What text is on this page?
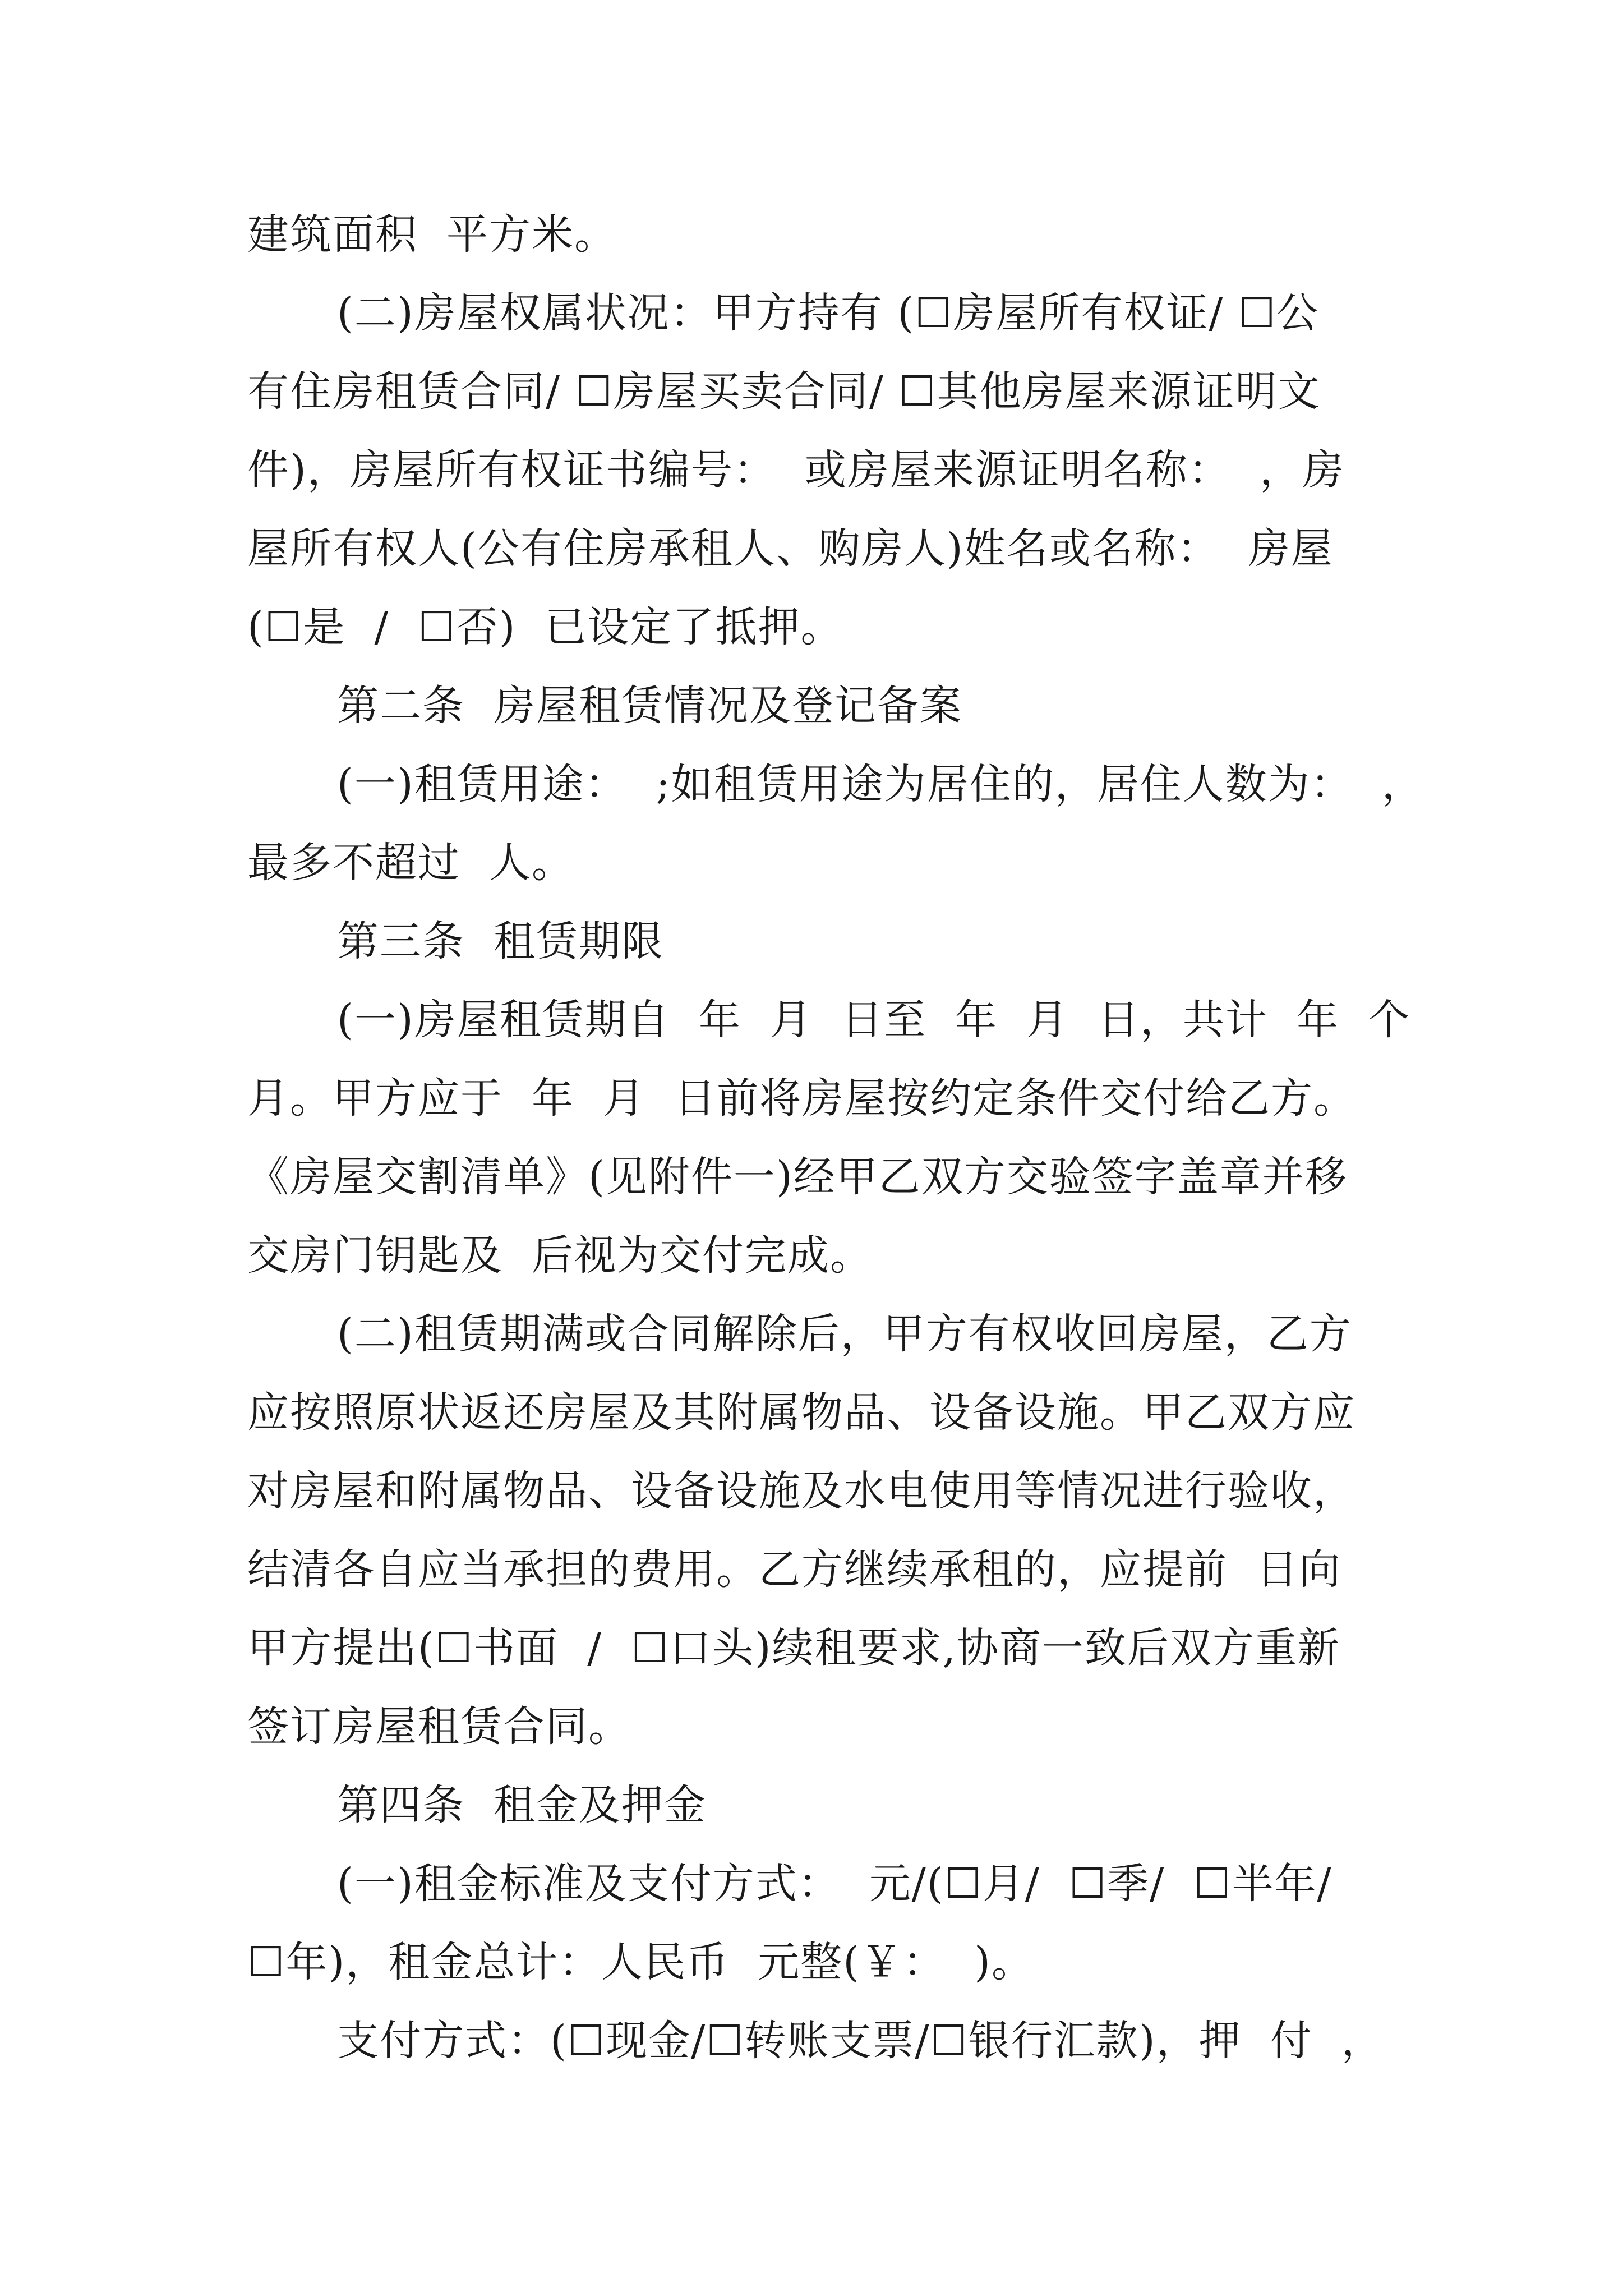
建筑面积  平方米。
(二)房屋权属状况：甲方持有 (☐房屋所有权证/ ☐公
有住房租赁合同/ ☐房屋买卖合同/ ☐其他房屋来源证明文
件)，房屋所有权证书编号：  或房屋来源证明名称：  ，房
屋所有权人(公有住房承租人、购房人)姓名或名称：  房屋
(☐是  /  ☐否)  已设定了抵押。
第二条  房屋租赁情况及登记备案
(一)租赁用途：  ;如租赁用途为居住的，居住人数为：  ，
最多不超过  人。
第三条  租赁期限
(一)房屋租赁期自  年  月  日至  年  月  日，共计  年  个
月。甲方应于  年  月  日前将房屋按约定条件交付给乙方。
《房屋交割清单》(见附件一)经甲乙双方交验签字盖章并移
交房门钥匙及  后视为交付完成。
(二)租赁期满或合同解除后，甲方有权收回房屋，乙方
应按照原状返还房屋及其附属物品、设备设施。甲乙双方应
对房屋和附属物品、设备设施及水电使用等情况进行验收，
结清各自应当承担的费用。乙方继续承租的，应提前  日向
甲方提出(☐书面  /  ☐口头)续租要求,协商一致后双方重新
签订房屋租赁合同。
第四条  租金及押金
(一)租金标准及支付方式：  元/(☐月/  ☐季/  ☐半年/
☐年)，租金总计：人民币  元整(￥：  )。
支付方式：(☐现金/☐转账支票/☐银行汇款)，押  付  ，
